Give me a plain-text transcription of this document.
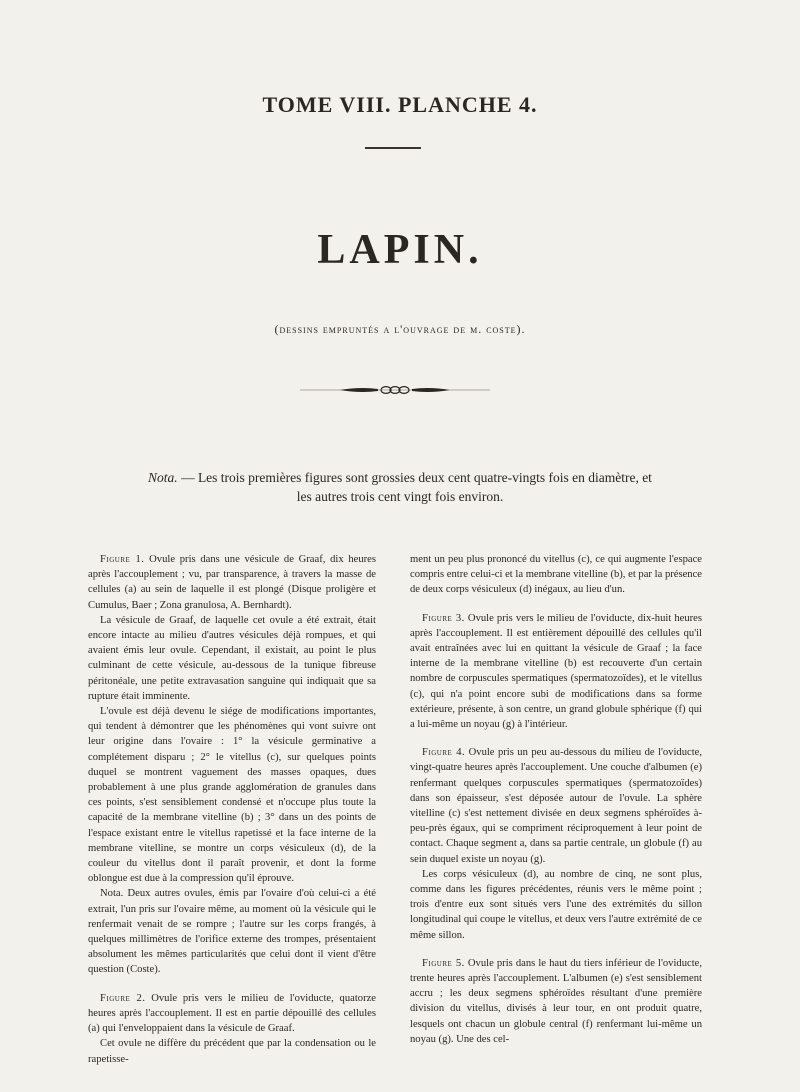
TOME VIII. PLANCHE 4.
LAPIN.
(dessins empruntés a l'ouvrage de m. coste).
Nota. — Les trois premières figures sont grossies deux cent quatre-vingts fois en diamètre, et les autres trois cent vingt fois environ.

Figure 1. Ovule pris dans une vésicule de Graaf, dix heures après l'accouplement ; vu, par transparence, à travers la masse de cellules (a) au sein de laquelle il est plongé (Disque proligère et Cumulus, Baer ; Zona granulosa, A. Bernhardt).

La vésicule de Graaf, de laquelle cet ovule a été extrait, était encore intacte au milieu d'autres vésicules déjà rompues, et qui avaient émis leur ovule. Cependant, il existait, au point le plus culminant de cette vésicule, au-dessous de la tunique fibreuse péritonéale, une petite extravasation sanguine qui indiquait que sa rupture était imminente.

L'ovule est déjà devenu le siége de modifications importantes, qui tendent à démontrer que les phénomènes qui vont suivre ont leur origine dans l'ovaire : 1° la vésicule germinative a complétement disparu ; 2° le vitellus (c), sur quelques points duquel se montrent vaguement des masses opaques, dues probablement à une plus grande agglomération de granules dans ces points, s'est sensiblement condensé et n'occupe plus toute la capacité de la membrane vitelline (b) ; 3° dans un des points de l'espace existant entre le vitellus rapetissé et la face interne de la membrane vitelline, se montre un corps vésiculeux (d), de la couleur du vitellus dont il paraît provenir, et dont la forme oblongue est due à la compression qu'il éprouve.

Nota. Deux autres ovules, émis par l'ovaire d'où celui-ci a été extrait, l'un pris sur l'ovaire même, au moment où la vésicule qui le renfermait venait de se rompre ; l'autre sur les corps frangés, à quelques millimètres de l'orifice externe des trompes, présentaient absolument les mêmes particularités que celui dont il vient d'être question (Coste).

Figure 2. Ovule pris vers le milieu de l'oviducte, quatorze heures après l'accouplement. Il est en partie dépouillé des cellules (a) qui l'enveloppaient dans la vésicule de Graaf.

Cet ovule ne diffère du précédent que par la condensation ou le rapetisse-

ment un peu plus prononcé du vitellus (c), ce qui augmente l'espace compris entre celui-ci et la membrane vitelline (b), et par la présence de deux corps vésiculeux (d) inégaux, au lieu d'un.

Figure 3. Ovule pris vers le milieu de l'oviducte, dix-huit heures après l'accouplement. Il est entièrement dépouillé des cellules qu'il avait entraînées avec lui en quittant la vésicule de Graaf ; la face interne de la membrane vitelline (b) est recouverte d'un certain nombre de corpuscules spermatiques (spermatozoïdes), et le vitellus (c), qui n'a point encore subi de modifications dans sa forme extérieure, présente, à son centre, un grand globule sphérique (f) qui a lui-même un noyau (g) à l'intérieur.

Figure 4. Ovule pris un peu au-dessous du milieu de l'oviducte, vingt-quatre heures après l'accouplement. Une couche d'albumen (e) renfermant quelques corpuscules spermatiques (spermatozoïdes) dans son épaisseur, s'est déposée autour de l'ovule. La sphère vitelline (c) s'est nettement divisée en deux segmens sphéroïdes à-peu-près égaux, qui se compriment réciproquement à leur point de contact. Chaque segment a, dans sa partie centrale, un globule (f) au sein duquel existe un noyau (g).

Les corps vésiculeux (d), au nombre de cinq, ne sont plus, comme dans les figures précédentes, réunis vers le même point ; trois d'entre eux sont situés vers l'une des extrémités du sillon longitudinal qui coupe le vitellus, et deux vers l'autre extrémité de ce même sillon.

Figure 5. Ovule pris dans le haut du tiers inférieur de l'oviducte, trente heures après l'accouplement. L'albumen (e) s'est sensiblement accru ; les deux segmens sphéroïdes résultant d'une première division du vitellus, divisés à leur tour, en ont produit quatre, lesquels ont chacun un globule central (f) renfermant lui-même un noyau (g). Une des cel-
